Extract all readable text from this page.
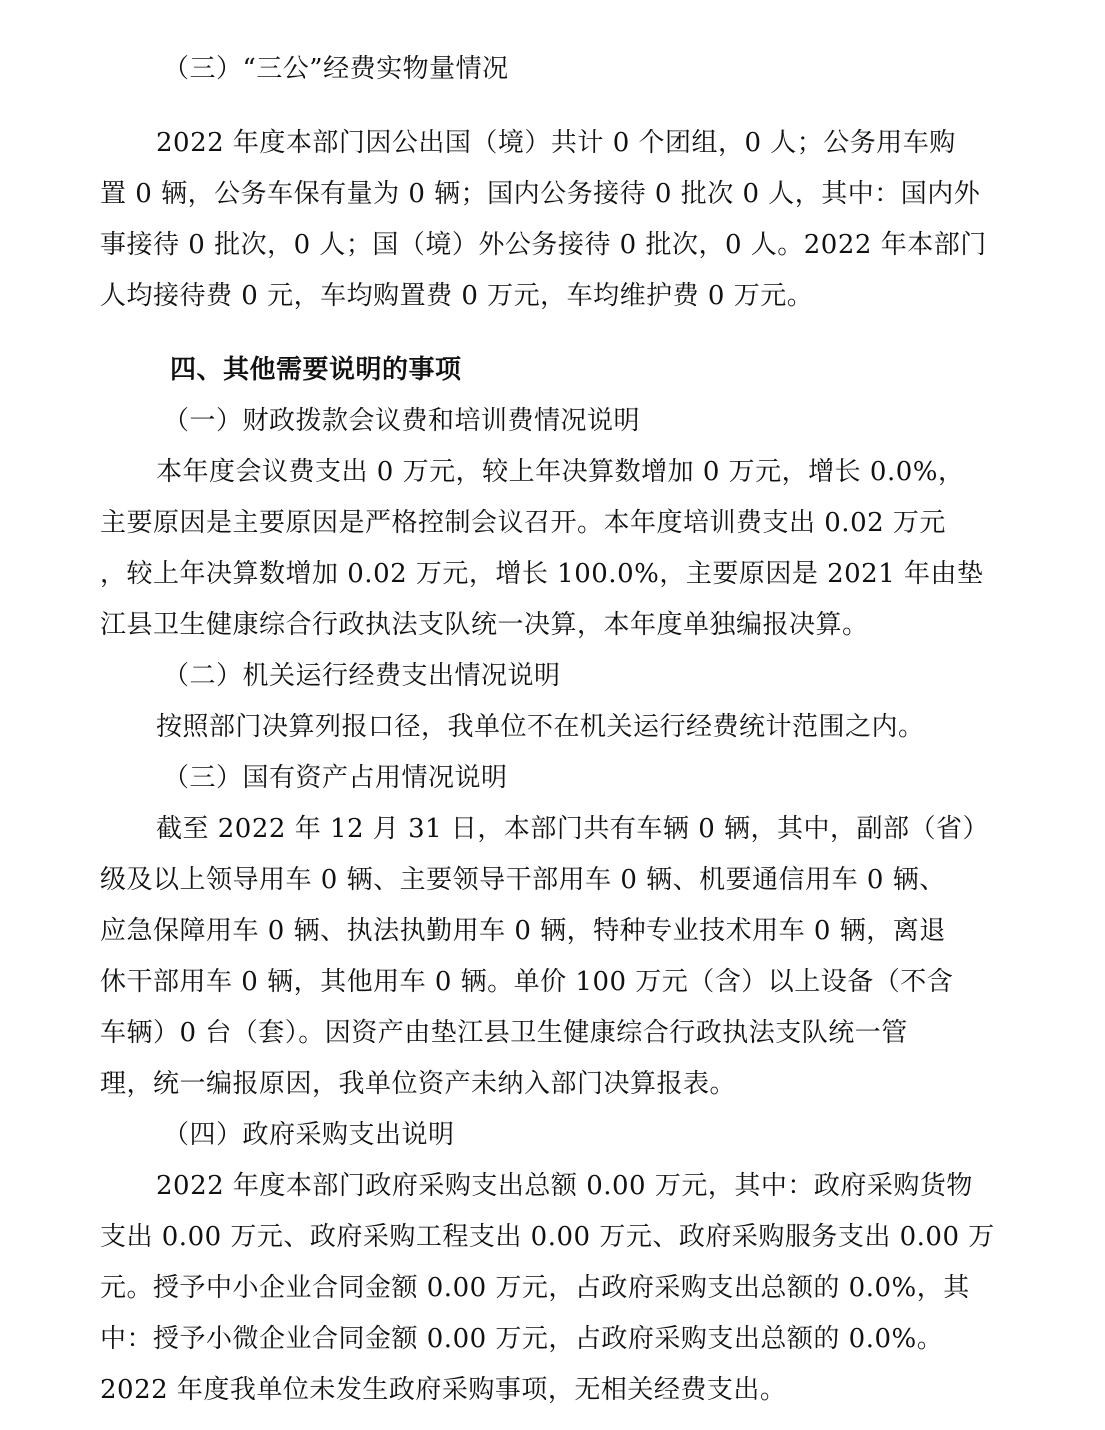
（三）“三公”经费实物量情况
2022 年度本部门因公出国（境）共计 0 个团组，0 人；公务用车购
置 0 辆，公务车保有量为 0 辆；国内公务接待 0 批次 0 人，其中：国内外
事接待 0 批次，0 人；国（境）外公务接待 0 批次，0 人。2022 年本部门
人均接待费 0 元，车均购置费 0 万元，车均维护费 0 万元。
四、其他需要说明的事项
（一）财政拨款会议费和培训费情况说明
本年度会议费支出 0 万元，较上年决算数增加 0 万元，增长 0.0%，
主要原因是主要原因是严格控制会议召开。本年度培训费支出 0.02 万元
，较上年决算数增加 0.02 万元，增长 100.0%，主要原因是 2021 年由垫
江县卫生健康综合行政执法支队统一决算，本年度单独编报决算。
（二）机关运行经费支出情况说明
按照部门决算列报口径，我单位不在机关运行经费统计范围之内。
（三）国有资产占用情况说明
截至 2022 年 12 月 31 日，本部门共有车辆 0 辆，其中，副部（省）
级及以上领导用车 0 辆、主要领导干部用车 0 辆、机要通信用车 0 辆、
应急保障用车 0 辆、执法执勤用车 0 辆，特种专业技术用车 0 辆，离退
休干部用车 0 辆，其他用车 0 辆。单价 100 万元（含）以上设备（不含
车辆）0 台（套）。因资产由垫江县卫生健康综合行政执法支队统一管
理，统一编报原因，我单位资产未纳入部门决算报表。
（四）政府采购支出说明
2022 年度本部门政府采购支出总额 0.00 万元，其中：政府采购货物
支出 0.00 万元、政府采购工程支出 0.00 万元、政府采购服务支出 0.00 万
元。授予中小企业合同金额 0.00 万元，占政府采购支出总额的 0.0%，其
中：授予小微企业合同金额 0.00 万元，占政府采购支出总额的 0.0%。
2022 年度我单位未发生政府采购事项，无相关经费支出。
